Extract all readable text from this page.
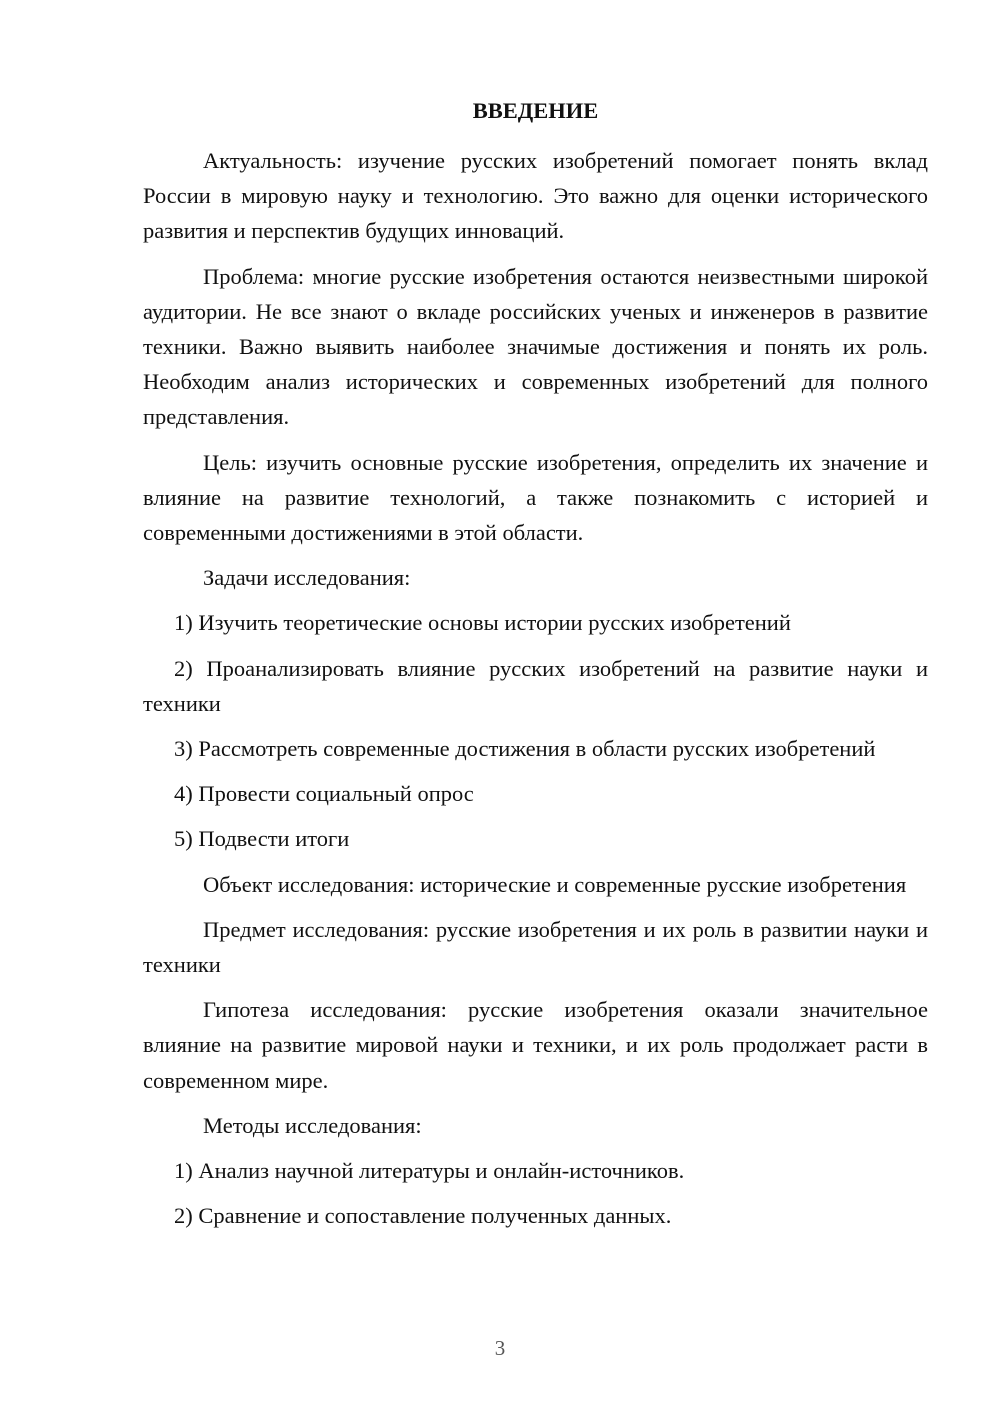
ВВЕДЕНИЕ

Актуальность: изучение русских изобретений помогает понять вклад России в мировую науку и технологию. Это важно для оценки исторического развития и перспектив будущих инноваций.

Проблема: многие русские изобретения остаются неизвестными широкой аудитории. Не все знают о вкладе российских ученых и инженеров в развитие техники. Важно выявить наиболее значимые достижения и понять их роль. Необходим анализ исторических и современных изобретений для полного представления.

Цель: изучить основные русские изобретения, определить их значение и влияние на развитие технологий, а также познакомить с историей и современными достижениями в этой области.

Задачи исследования:

1) Изучить теоретические основы истории русских изобретений

2) Проанализировать влияние русских изобретений на развитие науки и техники

3) Рассмотреть современные достижения в области русских изобретений

4) Провести социальный опрос

5) Подвести итоги

Объект исследования: исторические и современные русские изобретения

Предмет исследования: русские изобретения и их роль в развитии науки и техники

Гипотеза исследования: русские изобретения оказали значительное влияние на развитие мировой науки и техники, и их роль продолжает расти в современном мире.

Методы исследования:

1) Анализ научной литературы и онлайн-источников.

2) Сравнение и сопоставление полученных данных.

3
